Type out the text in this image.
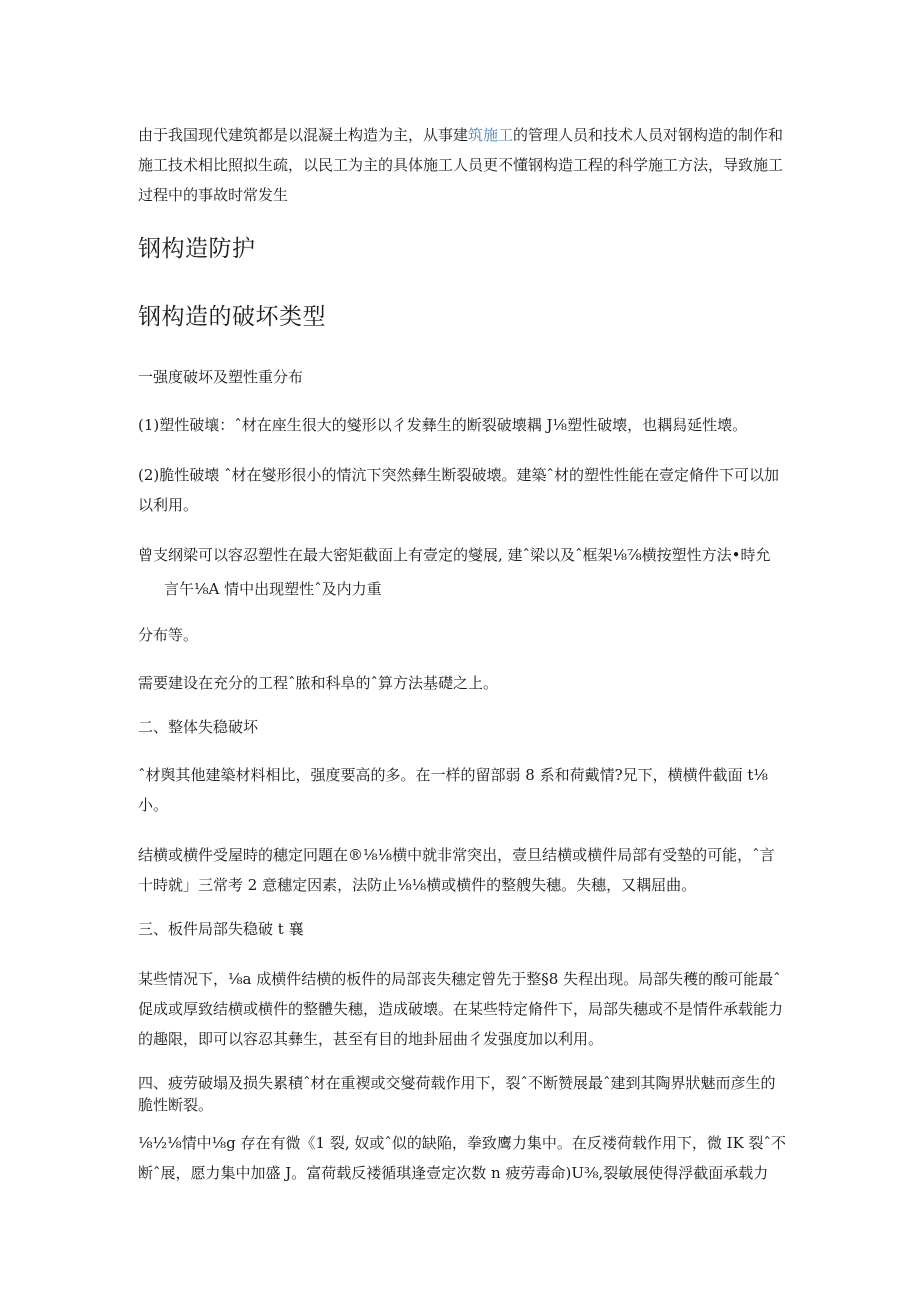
由于我国现代建筑都是以混凝土构造为主，从事建筑施工的管理人员和技术人员对钢构造的制作和施工技术相比照拟生疏，以民工为主的具体施工人员更不懂钢构造工程的科学施工方法，导致施工过程中的事故时常发生

钢构造防护
钢构造的破坏类型

一强度破坏及塑性重分布

(1)塑性破壤：ˆ材在座生很大的燮形以彳发彝生的断裂破壊耦 J⅛塑性破壊，也耦舄延性壊。

(2)脆性破壊 ˆ材在燮形很小的情沆下突然彝生断裂破壊。建築ˆ材的塑性性能在壹定脩件下可以加以利用。

曾支纲梁可以容忍塑性在最大密矩截面上有壹定的燮展, 建ˆ梁以及ˆ框架⅛⅞横按塑性方法•時允

言午⅛A 情中出现塑性ˆ及内力重

分布等。

需要建设在充分的工程ˆ脓和科阜的ˆ算方法基礎之上。

二、整体失稳破坏

ˆ材舆其他建築材料相比，强度要高的多。在一样的留部弱 8 系和荷戴情?兄下，横横件截面 t⅛小。

结横或横件受屋時的穗定冋題在®⅛⅛横中就非常突出，壹旦结横或横件局部有受墊的可能，ˆ言十時就」三常考 2 意穗定因素，法防止⅛⅛横或横件的整艘失穗。失穗，又耦屈曲。

三、板件局部失稳破 t 襄

某些情况下，⅛a 成横件结横的板件的局部丧失穗定曾先于整§8 失程出现。局部失穫的酸可能最ˆ促成或厚致结横或横件的整體失穗，造成破壊。在某些特定脩件下，局部失穗或不是情件承载能力的趣限，即可以容忍其彝生，甚至有目的地卦屈曲彳发强度加以利用。

四、疲劳破塌及损失累積ˆ材在重褉或交燮荷载作用下，裂ˆ不断赞展最ˆ建到其陶界狀魅而彦生的脆性断裂。

⅛½⅛情中⅛g 存在有微《1 裂, 奴或ˆ似的缺陥，拳致鹰力集中。在反褛荷载作用下，微 IK 裂ˆ不断ˆ展，愿力集中加盛 J。富荷载反褛循琪逢壹定次数 n 疲劳毒命)U⅜,裂敏展使得浮截面承载力
